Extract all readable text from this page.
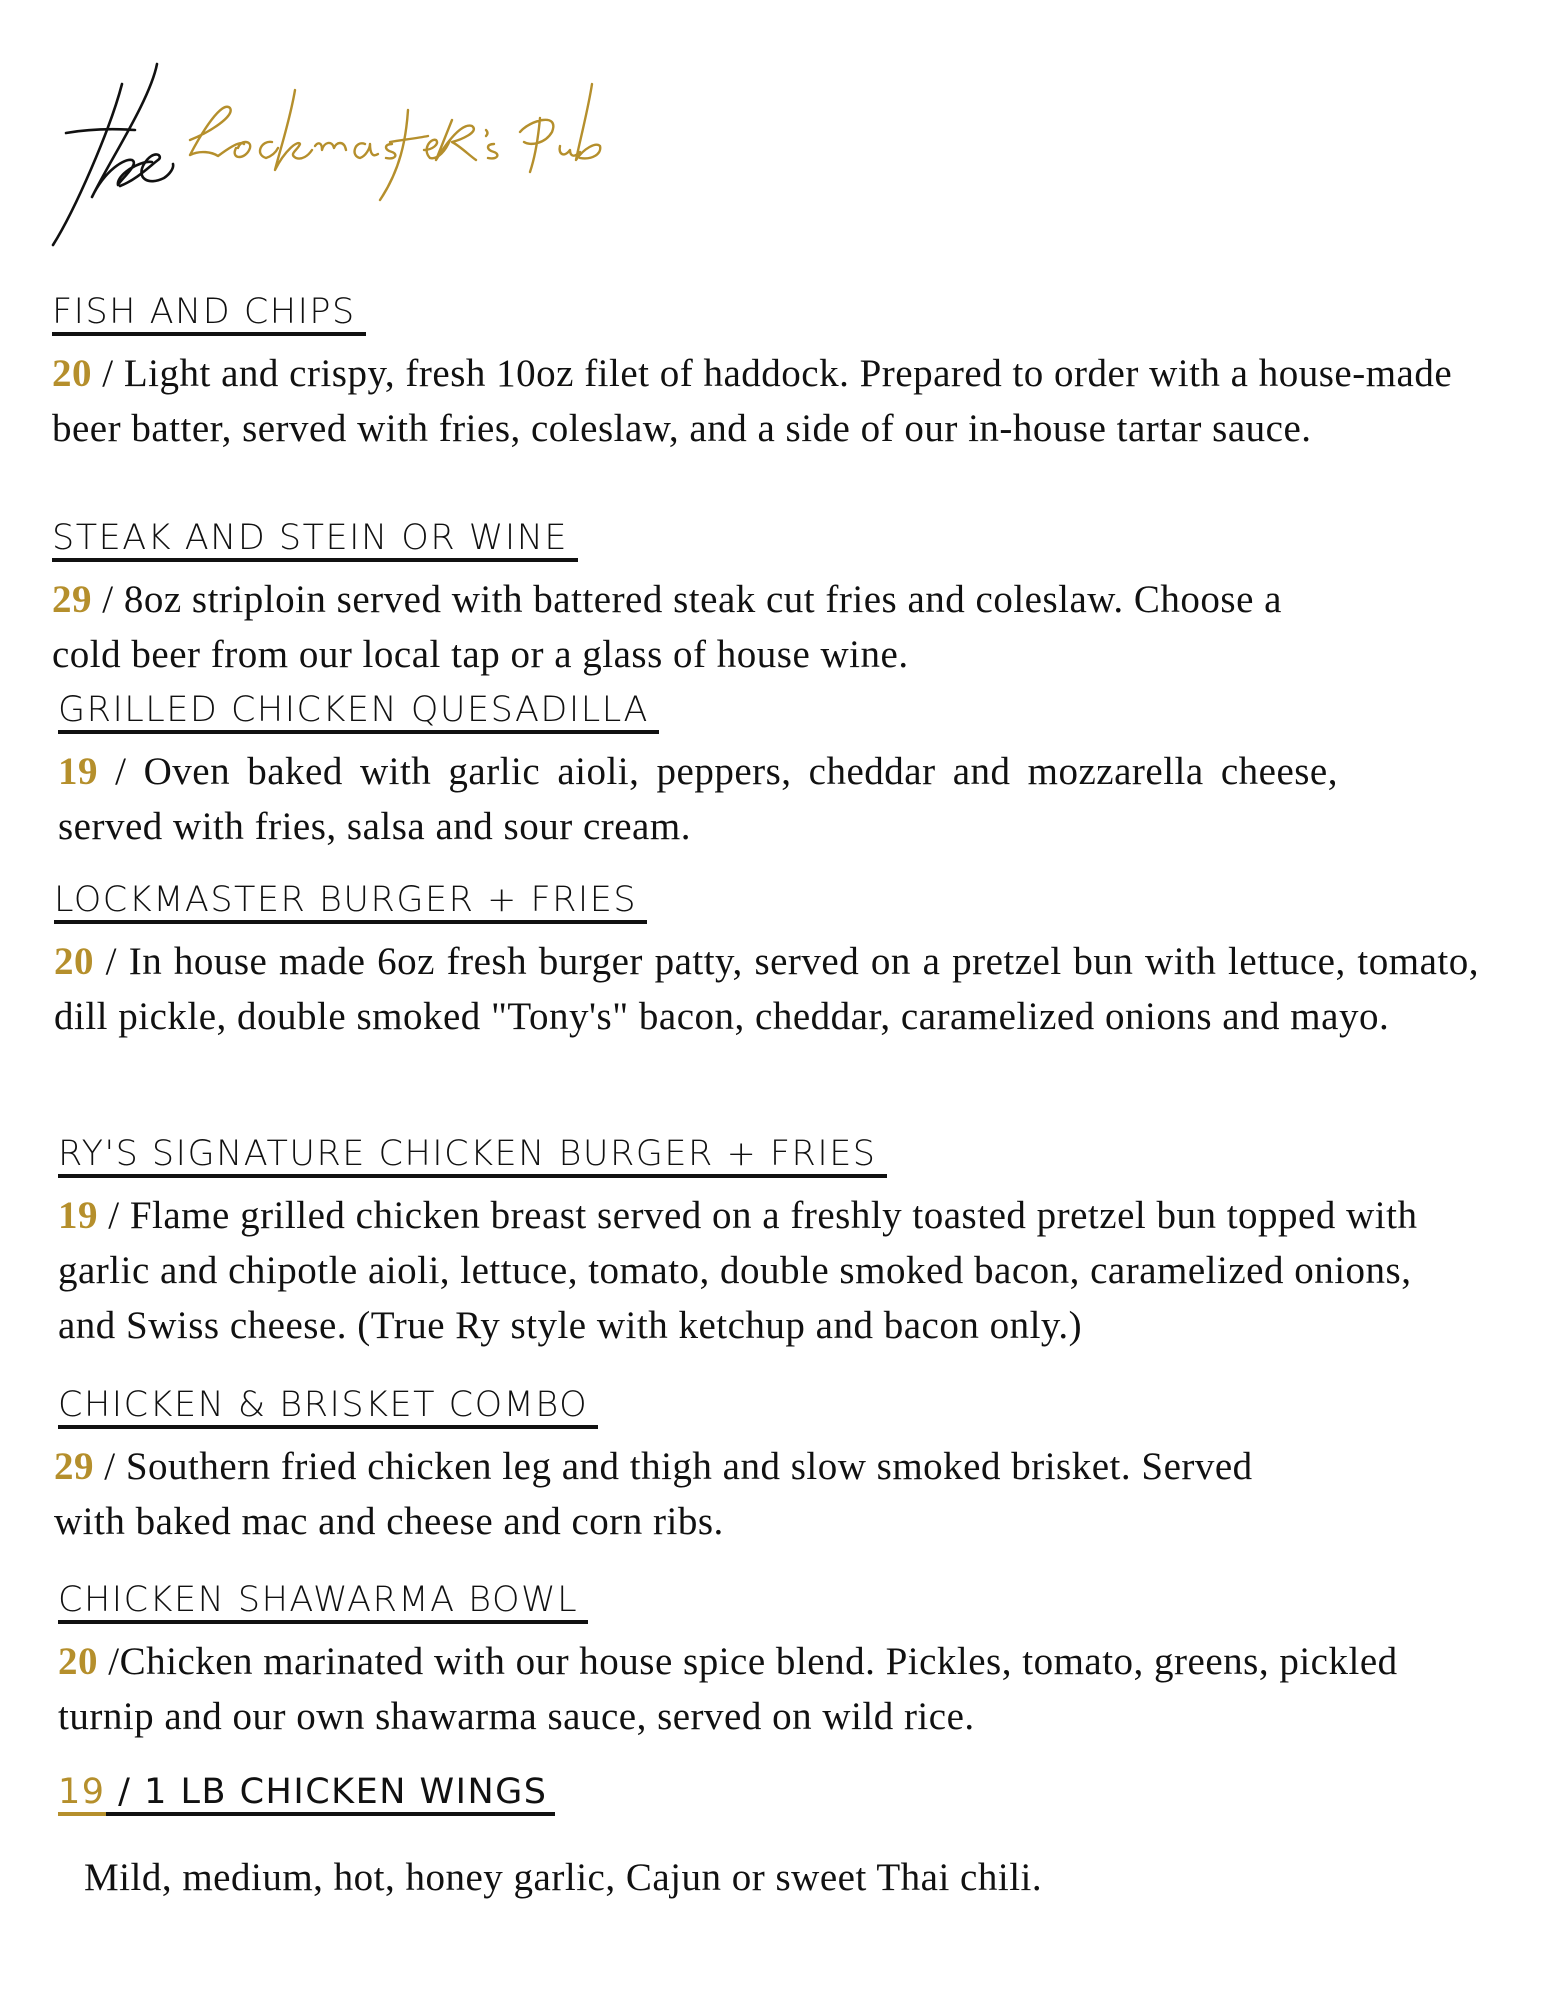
FISH AND CHIPS
20 / Light and crispy, fresh 10oz filet of haddock. Prepared to order with a house-made beer batter, served with fries, coleslaw, and a side of our in-house tartar sauce.
STEAK AND STEIN OR WINE
29 / 8oz striploin served with battered steak cut fries and coleslaw. Choose a cold beer from our local tap or a glass of house wine.
GRILLED CHICKEN QUESADILLA
19 / Oven baked with garlic aioli, peppers, cheddar and mozzarella cheese, served with fries, salsa and sour cream.
LOCKMASTER BURGER + FRIES
20 / In house made 6oz fresh burger patty, served on a pretzel bun with lettuce, tomato, dill pickle, double smoked "Tony's" bacon, cheddar, caramelized onions and mayo.
RY'S SIGNATURE CHICKEN BURGER + FRIES
19 / Flame grilled chicken breast served on a freshly toasted pretzel bun topped with garlic and chipotle aioli, lettuce, tomato, double smoked bacon, caramelized onions, and Swiss cheese. (True Ry style with ketchup and bacon only.)
CHICKEN & BRISKET COMBO
29 / Southern fried chicken leg and thigh and slow smoked brisket. Served with baked mac and cheese and corn ribs.
CHICKEN SHAWARMA BOWL
20 /Chicken marinated with our house spice blend. Pickles, tomato, greens, pickled turnip and our own shawarma sauce, served on wild rice.
19 / 1 LB CHICKEN WINGS
Mild, medium, hot, honey garlic, Cajun or sweet Thai chili.
